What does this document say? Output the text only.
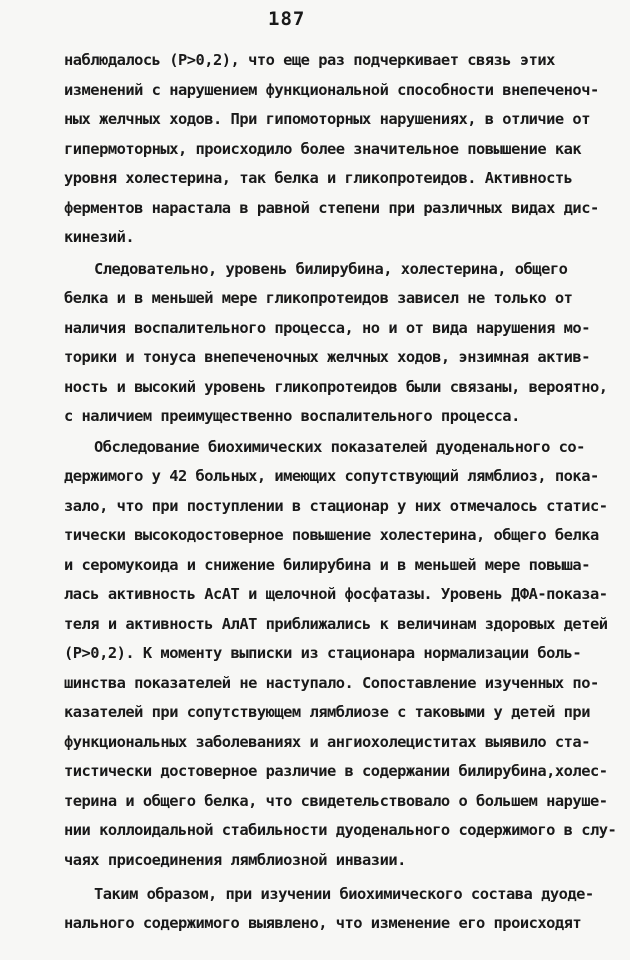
187
наблюдалось (P>0,2), что еще раз подчеркивает связь этих
изменений с нарушением функциональной способности внепеченоч-
ных желчных ходов. При гипомоторных нарушениях, в отличие от
гипермоторных, происходило более значительное повышение как
уровня холестерина, так белка и гликопротеидов. Активность
ферментов нарастала в равной степени при различных видах дис-
кинезий.
Следовательно, уровень билирубина, холестерина, общего
белка и в меньшей мере гликопротеидов зависел не только от
наличия воспалительного процесса, но и от вида нарушения мо-
торики и тонуса внепеченочных желчных ходов, энзимная актив-
ность и высокий уровень гликопротеидов были связаны, вероятно,
с наличием преимущественно воспалительного процесса.
Обследование биохимических показателей дуоденального со-
держимого у 42 больных, имеющих сопутствующий лямблиоз, пока-
зало, что при поступлении в стационар у них отмечалось статис-
тически высокодостоверное повышение холестерина, общего белка
и серомукоида и снижение билирубина и в меньшей мере повыша-
лась активность АсАТ и щелочной фосфатазы. Уровень ДФА-показа-
теля и активность АлАТ приближались к величинам здоровых детей
(P>0,2). К моменту выписки из стационара нормализации боль-
шинства показателей не наступало. Сопоставление изученных по-
казателей при сопутствующем лямблиозе с таковыми у детей при
функциональных заболеваниях и ангиохолециститах выявило ста-
тистически достоверное различие в содержании билирубина,холес-
терина и общего белка, что свидетельствовало о большем наруше-
нии коллоидальной стабильности дуоденального содержимого в слу-
чаях присоединения лямблиозной инвазии.
Таким образом, при изучении биохимического состава дуоде-
нального содержимого выявлено, что изменение его происходят
